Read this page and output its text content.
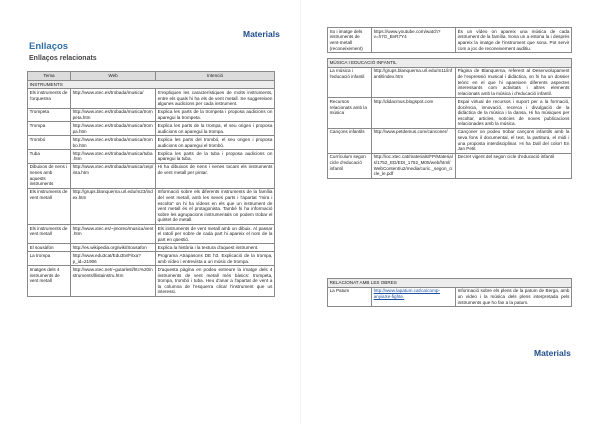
Materials
Enllaços
Enllaços relacionats
Tema	Web	Intenció
INSTRUMENTS		
Els instruments de l'orquestra	http://www.xtec.es/trobada/musica/	S'expliquen les característiques de molts instruments, entre els quals hi ha els de vent metall. Se suggereixen algunes audicions per cada instrument.
Trompeta	http://www.xtec.es/trobada/musica/trompeta.htm	Explica les parts de la trompeta i proposa audicions on aparegui la trompeta.
Trompa	http://www.xtec.es/trobada/musica/trompa.htm	Explica les parts de la trompa, el seu origen i proposa audicions on aparegui la trompa.
Trombó	http://www.xtec.es/trobada/musica/trombo.htm	Explica les parts del trombó, el seu origen i proposa audicions on aparegui el trombó.
Tuba	http://www.xtec.es/trobada/musica/tuba.htm	Explica les parts de la tuba i proposa audicions on aparegui la tuba.
Dibuixos de nens i nenes amb aquests instruments	http://www.xtec.es/trobada/musica/ceip/inta.htm	Hi ha dibuixos de nens i nenes tocant els instruments de vent metall per pintar.
Els instruments de vent metall	http://grups.blanquerna.url.edu/m23/index.htm	Informació sobre els diferents instruments de la família del vent metall, amb les seves parts i l'apartat "mira i escolta" on hi ha vídeos en els que un instrument de vent metall és el protagonista. També hi ha informació sobre les agrupacions instrumentals on podem trobar el quintet de metall.
Els instruments de vent metall	http://www.xtec.es/~jmoreo/musica/vent.htm	Els instruments de vent metall amb un dibuix. Al passar el ratolí per sobre de cada part hi apareix el nom de la part en qüestió.
El sousàfon	http://es.wikipedia.org/wiki/Sousafon	Explica la història i la textura d'aquest instrument.
La trompa	http://www.edu3cat/Edu3tv/Fitxa?p_id=21906	Programa Atrapasons DE h3. Explicació de la trompa, amb vídeo i entrevista a un músic de trompa.
Imatges dels 4 instruments de vent metall	http://www.xtec.net/~gutarlesl/htc%20instruments/llistainstru.htm	D'aquesta pàgina en podeu extreure la imatge dels 4 instruments de vent metall més bàsics: trompeta, trompa, trombó i tuba. Heu d'anar a l'apartat de vent a la columna de l'esquerra clicar l'instrument que us interessi.
So i imatge dels instruments de vent-metall (reconeixement)	https://www.youtube.com/watch?v=h7G_BvR7Y4	És un vídeo on apareix una música de cada instrument de la família. Sona un a estona la i després apareix la imatge de l'instrument que sona. Pot servir com a joc de reconeixement auditiu.

MÚSICA I EDUCACIÓ INFANTIL		
La música i l'educació infantil	http://grups.blanquerna.url.edu/m11/infantil/index.htm	Pàgina de Blanquerna, referent al Desenvolupament de l'expressió musical i didàctica, on hi ha un dossier teòric en el que hi apareixen diferents aspectes interessants com activitats i altres elements relacionats amb la música i d'educació infantil.
Recursos relacionats amb la música	http://didacmus.blogspot.com	Espai virtual de recursos i suport per a la formació, docència, innovació, recerca i divulgació de la didàctica de la música i la dansa. Hi ha músiques per escoltar, articles, notícies de noves publicacions relacionades amb la música.
Cançons infantils	http://www.petdemus.com/canconer/	Cançoner on podeu trobar cançons infantils amb la seva fons il documental, el text, la partitura, el midi i una proposta interdisciplinar. Hi ha Dall del color! En Jan Petit
Currículum segon cicle d'educació infantil	http://ioc.xtec.cat/materials/FP/Materials/1752_ED/EDI_1752_M05/web/html/WebContent/u2/media/curic._segon_cicle_le.pdf	Decret vigent del segon cicle d'educació infantil
RELACIONAT AMB LES OBRES
La Patum	http://www.lapatum.cat/ca/comp-anyiaXe-fighte.	Informació sobre els plens de la patum de Berga, amb un vídeo i la música dels plens interpretada pels instruments que ho fan a la patum.
Materials
